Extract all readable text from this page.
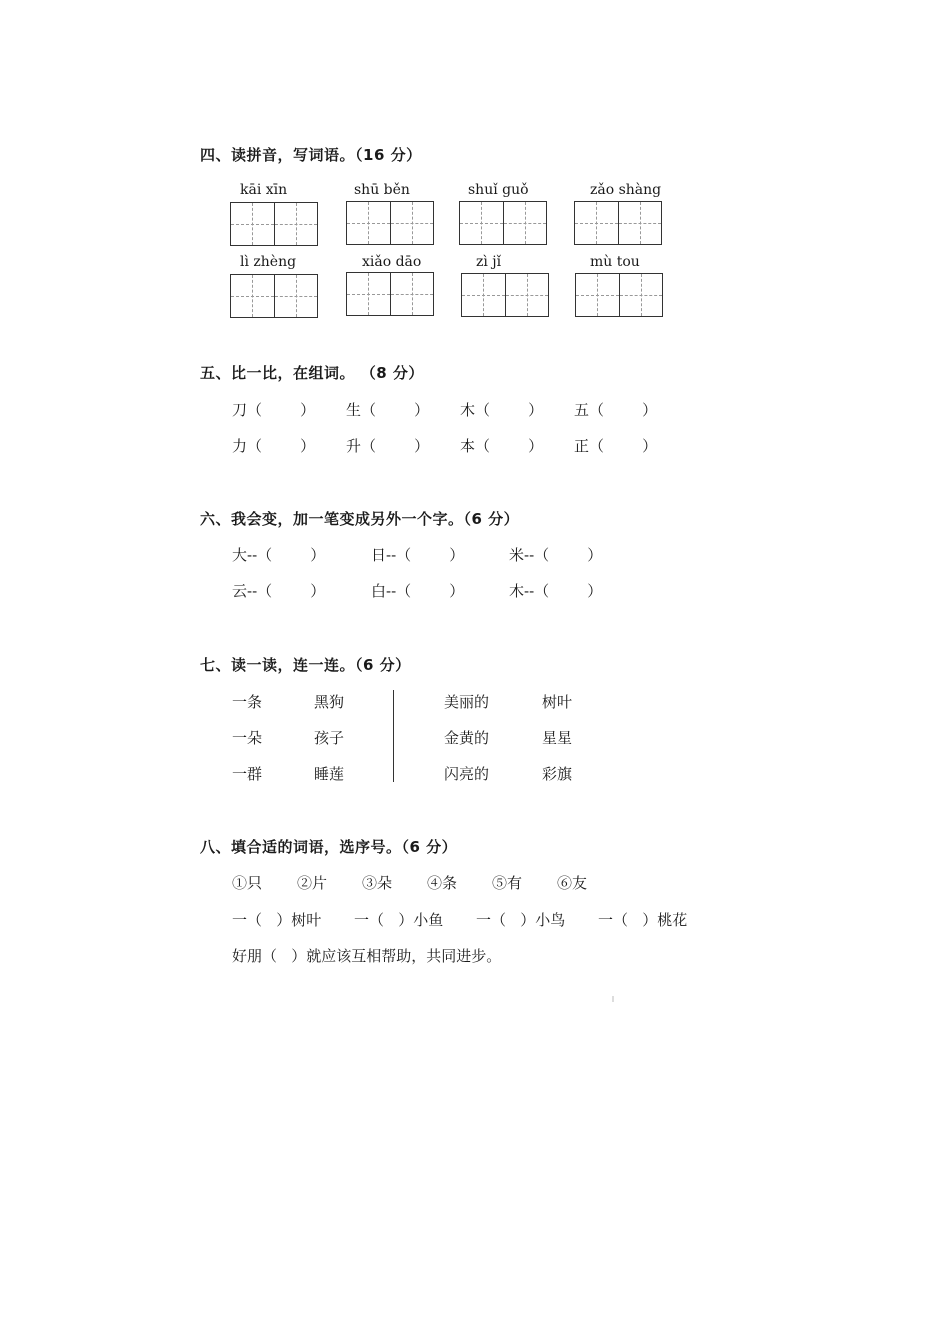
四、读拼音，写词语。（16 分）
kāi xīn	shū běn	shuǐ guǒ	zǎo shàng
lì zhèng	xiǎo dāo	zì jǐ	mù tou
五、比一比，在组词。 （8 分）
刀（        ） 生（        ） 木（        ） 五（        ）
力（        ） 升（        ） 本（        ） 正（        ）
六、我会变，加一笔变成另外一个字。（6 分）
大--（        ）	日--（        ）	米--（        ）
云--（        ）	白--（        ）	木--（        ）
七、读一读，连一连。（6 分）
一条	黑狗	美丽的	树叶
一朵	孩子	金黄的	星星
一群	睡莲	闪亮的	彩旗
八、填合适的词语，选序号。（6 分）
①只 ②片 ③朵 ④条 ⑤有 ⑥友
一（   ）树叶 一（   ）小鱼 一（   ）小鸟 一（   ）桃花
好朋（   ）就应该互相帮助，共同进步。
